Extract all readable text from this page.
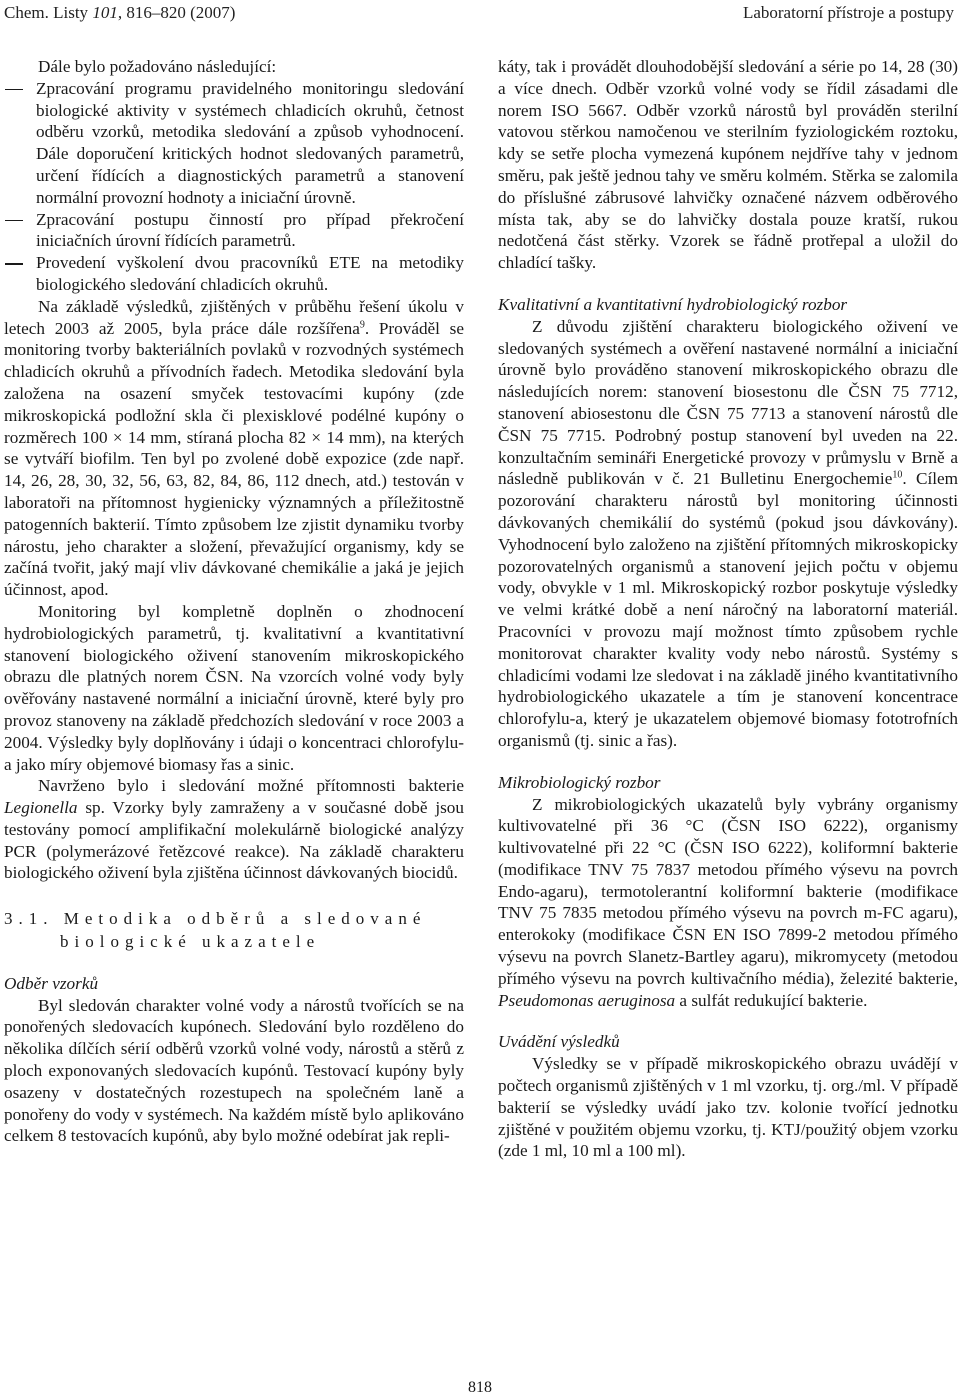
Chem. Listy 101, 816–820 (2007)	Laboratorní přístroje a postupy

Dále bylo požadováno následující:

Zpracování programu pravidelného monitoringu sledování biologické aktivity v systémech chladicích okruhů, četnost odběru vzorků, metodika sledování a způsob vyhodnocení. Dále doporučení kritických hodnot sledovaných parametrů, určení řídících a diagnostických parametrů a stanovení normální provozní hodnoty a iniciační úrovně.

Zpracování postupu činností pro případ překročení iniciačních úrovní řídících parametrů.

Provedení vyškolení dvou pracovníků ETE na metodiky biologického sledování chladicích okruhů.

Na základě výsledků, zjištěných v průběhu řešení úkolu v letech 2003 až 2005, byla práce dále rozšířena$^9$. Prováděl se monitoring tvorby bakteriálních povlaků v rozvodných systémech chladicích okruhů a přívodních řadech. Metodika sledování byla založena na osazení smyček testovacími kupóny (zde mikroskopická podložní skla či plexisklové podélné kupóny o rozměrech 100 × 14 mm, stíraná plocha 82 × 14 mm), na kterých se vytváří biofilm. Ten byl po zvolené době expozice (zde např. 14, 26, 28, 30, 32, 56, 63, 82, 84, 86, 112 dnech, atd.) testován v laboratoři na přítomnost hygienicky významných a příležitostně patogenních bakterií. Tímto způsobem lze zjistit dynamiku tvorby nárostu, jeho charakter a složení, převažující organismy, kdy se začíná tvořit, jaký mají vliv dávkované chemikálie a jaká je jejich účinnost, apod.

Monitoring byl kompletně doplněn o zhodnocení hydrobiologických parametrů, tj. kvalitativní a kvantitativní stanovení biologického oživení stanovením mikroskopického obrazu dle platných norem ČSN. Na vzorcích volné vody byly ověřovány nastavené normální a iniciační úrovně, které byly pro provoz stanoveny na základě předchozích sledování v roce 2003 a 2004. Výsledky byly doplňovány i údaji o koncentraci chlorofylu-a jako míry objemové biomasy řas a sinic.

Navrženo bylo i sledování možné přítomnosti bakterie Legionella sp. Vzorky byly zamraženy a v současné době jsou testovány pomocí amplifikační molekulárně biologické analýzy PCR (polymerázové řetězcové reakce). Na základě charakteru biologického oživení byla zjištěna účinnost dávkovaných biocidů.

3.1. Metodika odběrů a sledované
biologické ukazatele

Odběr vzorků

Byl sledován charakter volné vody a nárostů tvořících se na ponořených sledovacích kupónech. Sledování bylo rozděleno do několika dílčích sérií odběrů vzorků volné vody, nárostů a stěrů z ploch exponovaných sledovacích kupónů. Testovací kupóny byly osazeny v dostatečných rozestupech na společném laně a ponořeny do vody v systémech. Na každém místě bylo aplikováno celkem 8 testovacích kupónů, aby bylo možné odebírat jak repli-

káty, tak i provádět dlouhodobější sledování a série po 14, 28 (30) a více dnech. Odběr vzorků volné vody se řídil zásadami dle norem ISO 5667. Odběr vzorků nárostů byl prováděn sterilní vatovou stěrkou namočenou ve sterilním fyziologickém roztoku, kdy se setře plocha vymezená kupónem nejdříve tahy v jednom směru, pak ještě jednou tahy ve směru kolmém. Stěrka se zalomila do příslušné zábrusové lahvičky označené názvem odběrového místa tak, aby se do lahvičky dostala pouze kratší, rukou nedotčená část stěrky. Vzorek se řádně protřepal a uložil do chladící tašky.

Kvalitativní a kvantitativní hydrobiologický rozbor

Z důvodu zjištění charakteru biologického oživení ve sledovaných systémech a ověření nastavené normální a iniciační úrovně bylo prováděno stanovení mikroskopického obrazu dle následujících norem: stanovení biosestonu dle ČSN 75 7712, stanovení abiosestonu dle ČSN 75 7713 a stanovení nárostů dle ČSN 75 7715. Podrobný postup stanovení byl uveden na 22. konzultačním semináři Energetické provozy v průmyslu v Brně a následně publikován v č. 21 Bulletinu Energochemie$^{10}$. Cílem pozorování charakteru nárostů byl monitoring účinnosti dávkovaných chemikálií do systémů (pokud jsou dávkovány). Vyhodnocení bylo založeno na zjištění přítomných mikroskopicky pozorovatelných organismů a stanovení jejich počtu v objemu vody, obvykle v 1 ml. Mikroskopický rozbor poskytuje výsledky ve velmi krátké době a není náročný na laboratorní materiál. Pracovníci v provozu mají možnost tímto způsobem rychle monitorovat charakter kvality vody nebo nárostů. Systémy s chladicími vodami lze sledovat i na základě jiného kvantitativního hydrobiologického ukazatele a tím je stanovení koncentrace chlorofylu-a, který je ukazatelem objemové biomasy fototrofních organismů (tj. sinic a řas).

Mikrobiologický rozbor

Z mikrobiologických ukazatelů byly vybrány organismy kultivovatelné při 36 °C (ČSN ISO 6222), organismy kultivovatelné při 22 °C (ČSN ISO 6222), koliformní bakterie (modifikace TNV 75 7837 metodou přímého výsevu na povrch Endo-agaru), termotolerantní koliformní bakterie (modifikace TNV 75 7835 metodou přímého výsevu na povrch m-FC agaru), enterokoky (modifikace ČSN EN ISO 7899-2 metodou přímého výsevu na povrch Slanetz-Bartley agaru), mikromycety (metodou přímého výsevu na povrch kultivačního média), železité bakterie, Pseudomonas aeruginosa a sulfát redukující bakterie.

Uvádění výsledků

Výsledky se v případě mikroskopického obrazu uvádějí v počtech organismů zjištěných v 1 ml vzorku, tj. org./ml. V případě bakterií se výsledky uvádí jako tzv. kolonie tvořící jednotku zjištěné v použitém objemu vzorku, tj. KTJ/použitý objem vzorku (zde 1 ml, 10 ml a 100 ml).

818
